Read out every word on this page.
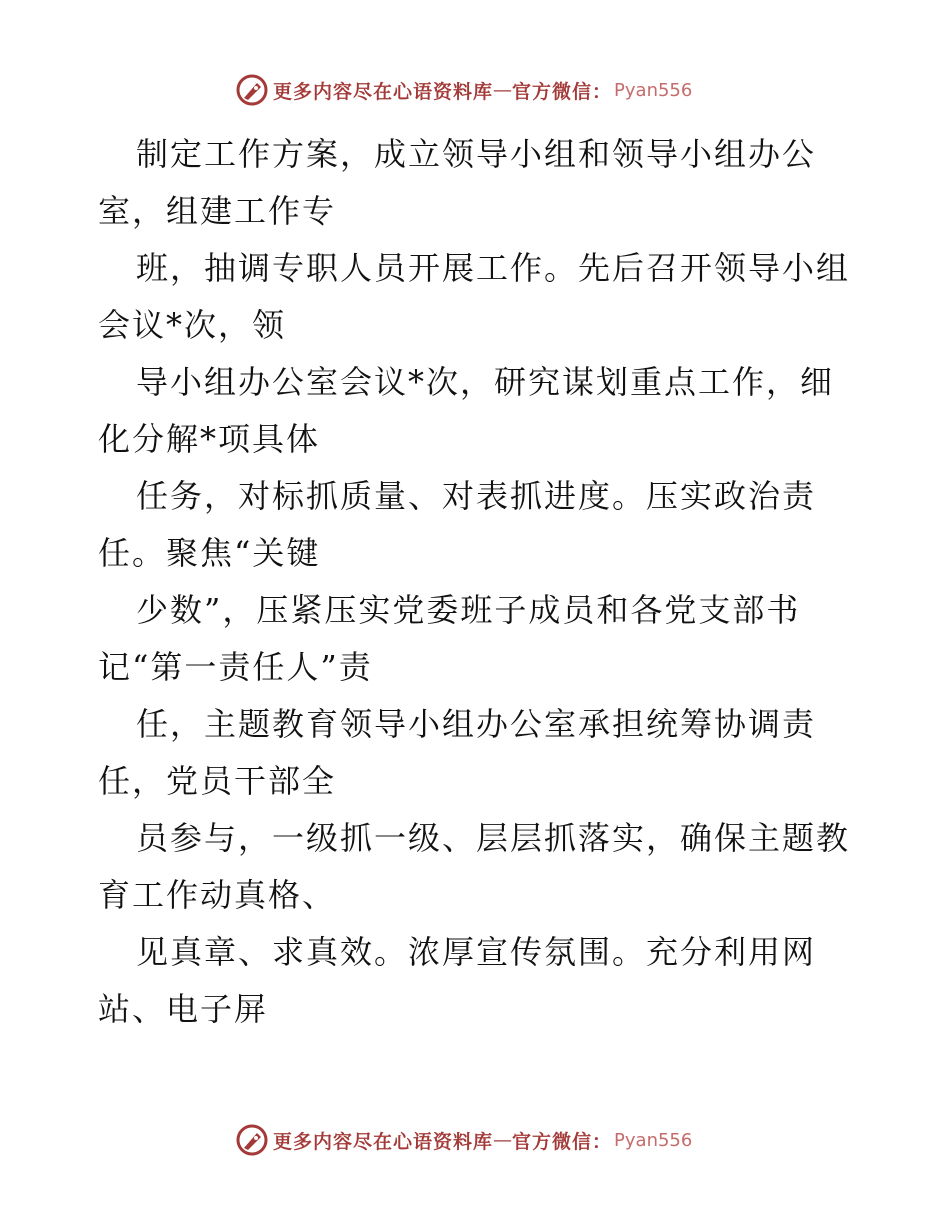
更多内容尽在心语资料库 — 官方微信： Pyan556
制定工作方案，成立领导小组和领导小组办公
室，组建工作专
班，抽调专职人员开展工作。先后召开领导小组
会议*次，领
导小组办公室会议*次，研究谋划重点工作，细
化分解*项具体
任务，对标抓质量、对表抓进度。压实政治责
任。聚焦“关键
少数”，压紧压实党委班子成员和各党支部书
记“第一责任人”责
任，主题教育领导小组办公室承担统筹协调责
任，党员干部全
员参与，一级抓一级、层层抓落实，确保主题教
育工作动真格、
见真章、求真效。浓厚宣传氛围。充分利用网
站、电子屏
更多内容尽在心语资料库 — 官方微信： Pyan556
